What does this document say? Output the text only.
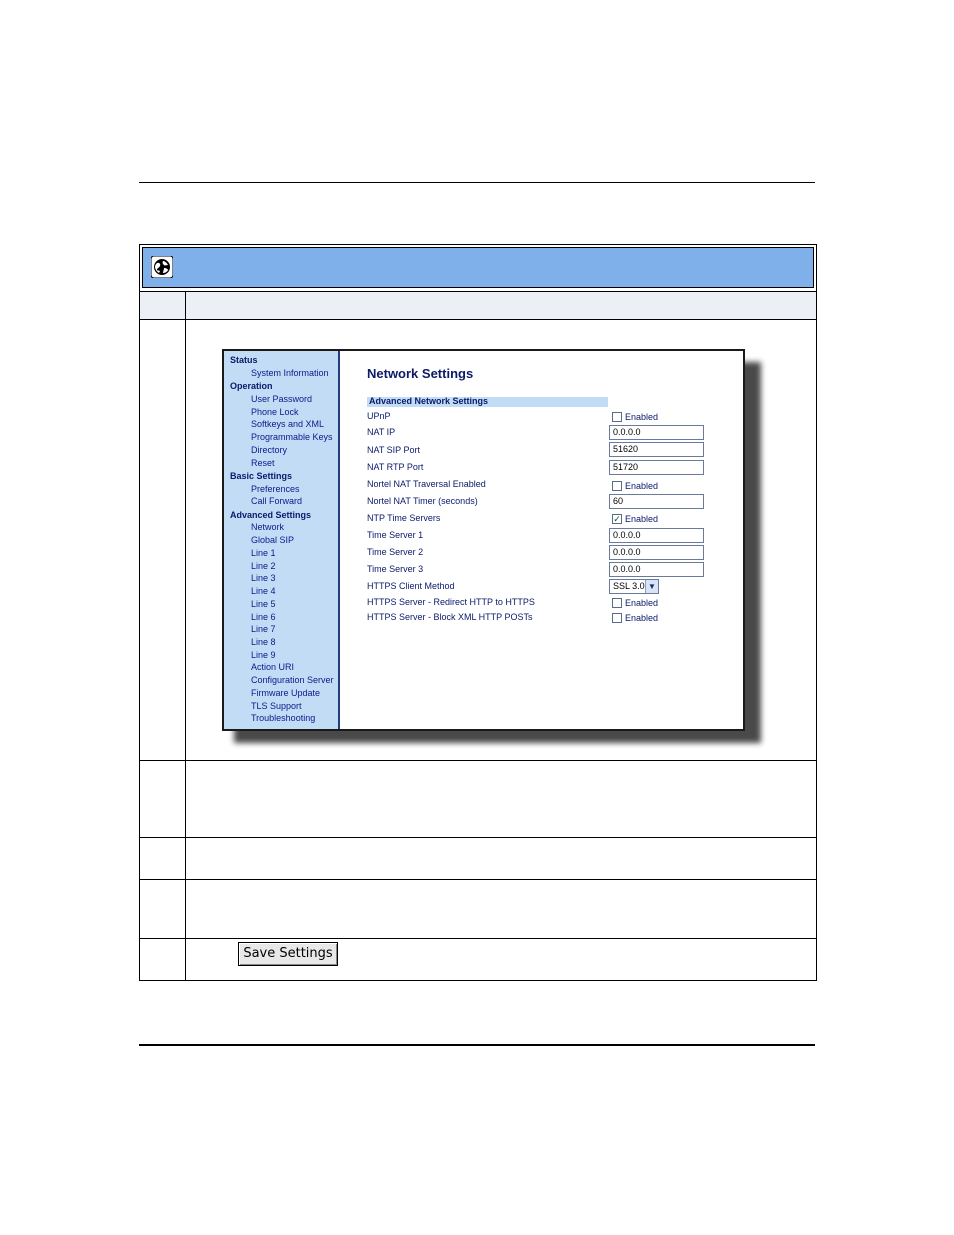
Status
System Information
Operation
User Password
Phone Lock
Softkeys and XML
Programmable Keys
Directory
Reset
Basic Settings
Preferences
Call Forward
Advanced Settings
Network
Global SIP
Line 1
Line 2
Line 3
Line 4
Line 5
Line 6
Line 7
Line 8
Line 9
Action URI
Configuration Server
Firmware Update
TLS Support
Troubleshooting
Network Settings
Advanced Network Settings
UPnP	Enabled
NAT IP	0.0.0.0
NAT SIP Port	51620
NAT RTP Port	51720
Nortel NAT Traversal Enabled	Enabled
Nortel NAT Timer (seconds)	60
NTP Time Servers	✓ Enabled
Time Server 1	0.0.0.0
Time Server 2	0.0.0.0
Time Server 3	0.0.0.0
HTTPS Client Method	SSL 3.0 ▼
HTTPS Server - Redirect HTTP to HTTPS	Enabled
HTTPS Server - Block XML HTTP POSTs	Enabled
Save Settings
